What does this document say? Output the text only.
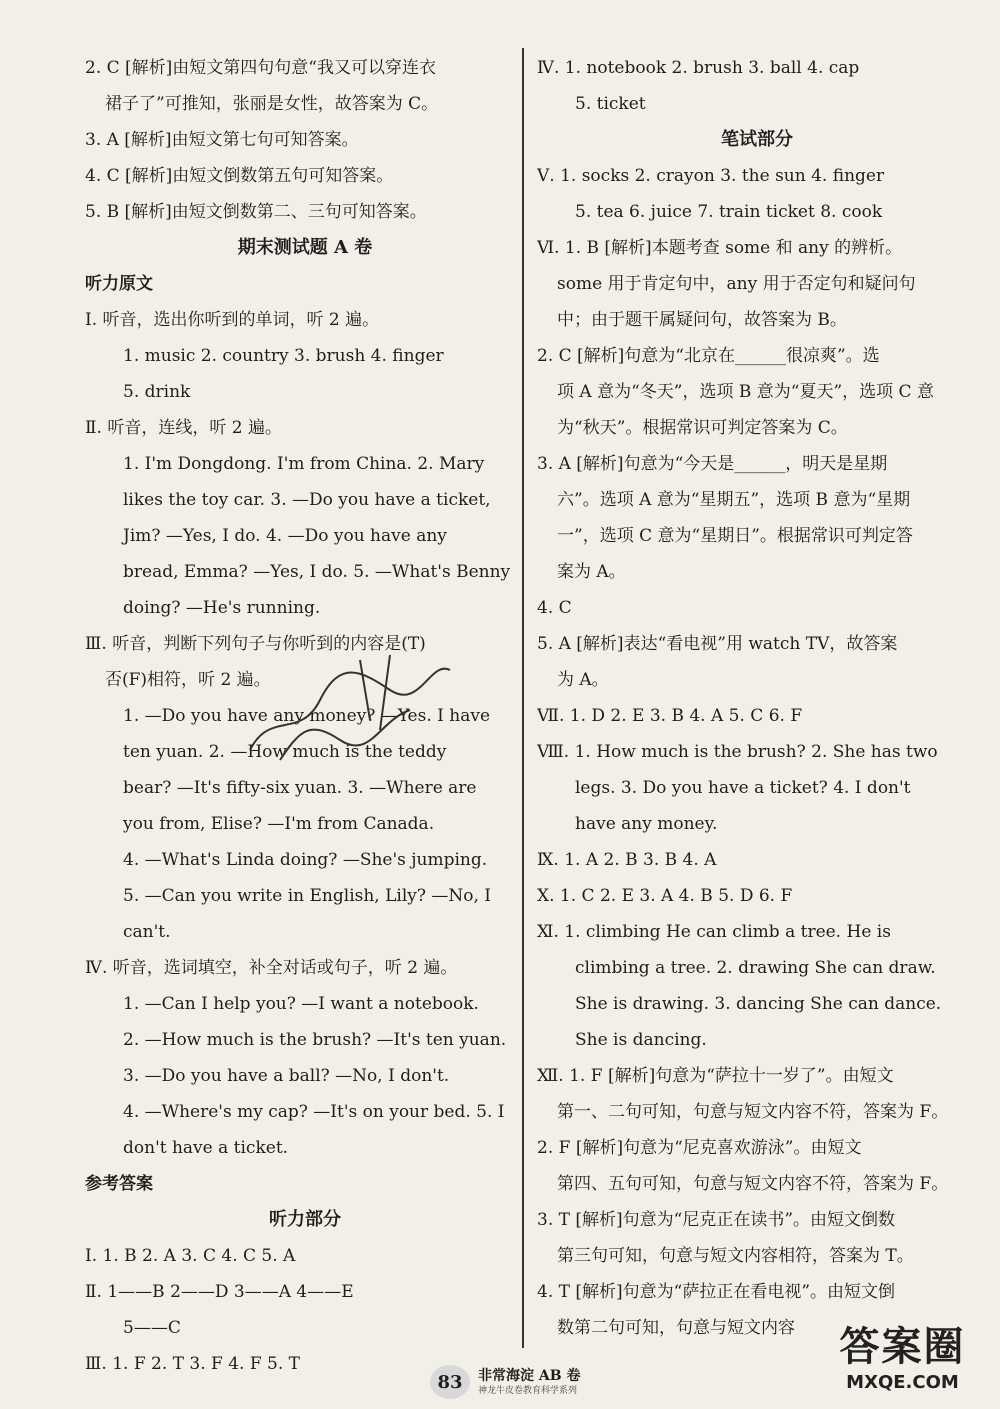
2. C [解析]由短文第四句句意“我又可以穿连衣
裙子了”可推知，张丽是女性，故答案为 C。
3. A [解析]由短文第七句可知答案。
4. C [解析]由短文倒数第五句可知答案。
5. B [解析]由短文倒数第二、三句可知答案。
期末测试题 A 卷
听力原文
Ⅰ. 听音，选出你听到的单词，听 2 遍。
1. music 2. country 3. brush 4. finger
5. drink
Ⅱ. 听音，连线，听 2 遍。
1. I'm Dongdong. I'm from China. 2. Mary
likes the toy car. 3. —Do you have a ticket,
Jim? —Yes, I do. 4. —Do you have any
bread, Emma? —Yes, I do. 5. —What's Benny
doing? —He's running.
Ⅲ. 听音，判断下列句子与你听到的内容是(T)
否(F)相符，听 2 遍。
1. —Do you have any money? —Yes. I have
ten yuan. 2. —How much is the teddy
bear? —It's fifty-six yuan. 3. —Where are
you from, Elise? —I'm from Canada.
4. —What's Linda doing? —She's jumping.
5. —Can you write in English, Lily? —No, I
can't.
Ⅳ. 听音，选词填空，补全对话或句子，听 2 遍。
1. —Can I help you? —I want a notebook.
2. —How much is the brush? —It's ten yuan.
3. —Do you have a ball? —No, I don't.
4. —Where's my cap? —It's on your bed. 5. I
don't have a ticket.
参考答案
听力部分
Ⅰ. 1. B 2. A 3. C 4. C 5. A
Ⅱ. 1——B 2——D 3——A 4——E
5——C
Ⅲ. 1. F 2. T 3. F 4. F 5. T
Ⅳ. 1. notebook 2. brush 3. ball 4. cap
5. ticket
笔试部分
Ⅴ. 1. socks 2. crayon 3. the sun 4. finger
5. tea 6. juice 7. train ticket 8. cook
Ⅵ. 1. B [解析]本题考查 some 和 any 的辨析。
some 用于肯定句中，any 用于否定句和疑问句
中；由于题干属疑问句，故答案为 B。
2. C [解析]句意为“北京在______很凉爽”。选
项 A 意为“冬天”，选项 B 意为“夏天”，选项 C 意
为“秋天”。根据常识可判定答案为 C。
3. A [解析]句意为“今天是______，明天是星期
六”。选项 A 意为“星期五”，选项 B 意为“星期
一”，选项 C 意为“星期日”。根据常识可判定答
案为 A。
4. C
5. A [解析]表达“看电视”用 watch TV，故答案
为 A。
Ⅶ. 1. D 2. E 3. B 4. A 5. C 6. F
Ⅷ. 1. How much is the brush? 2. She has two
legs. 3. Do you have a ticket? 4. I don't
have any money.
Ⅸ. 1. A 2. B 3. B 4. A
Ⅹ. 1. C 2. E 3. A 4. B 5. D 6. F
Ⅺ. 1. climbing He can climb a tree. He is
climbing a tree. 2. drawing She can draw.
She is drawing. 3. dancing She can dance.
She is dancing.
Ⅻ. 1. F [解析]句意为“萨拉十一岁了”。由短文
第一、二句可知，句意与短文内容不符，答案为 F。
2. F [解析]句意为“尼克喜欢游泳”。由短文
第四、五句可知，句意与短文内容不符，答案为 F。
3. T [解析]句意为“尼克正在读书”。由短文倒数
第三句可知，句意与短文内容相符，答案为 T。
4. T [解析]句意为“萨拉正在看电视”。由短文倒
数第二句可知，句意与短文内容
83	非常海淀 AB 卷
神龙牛皮卷教育科学系列
答案圈
MXQE.COM
